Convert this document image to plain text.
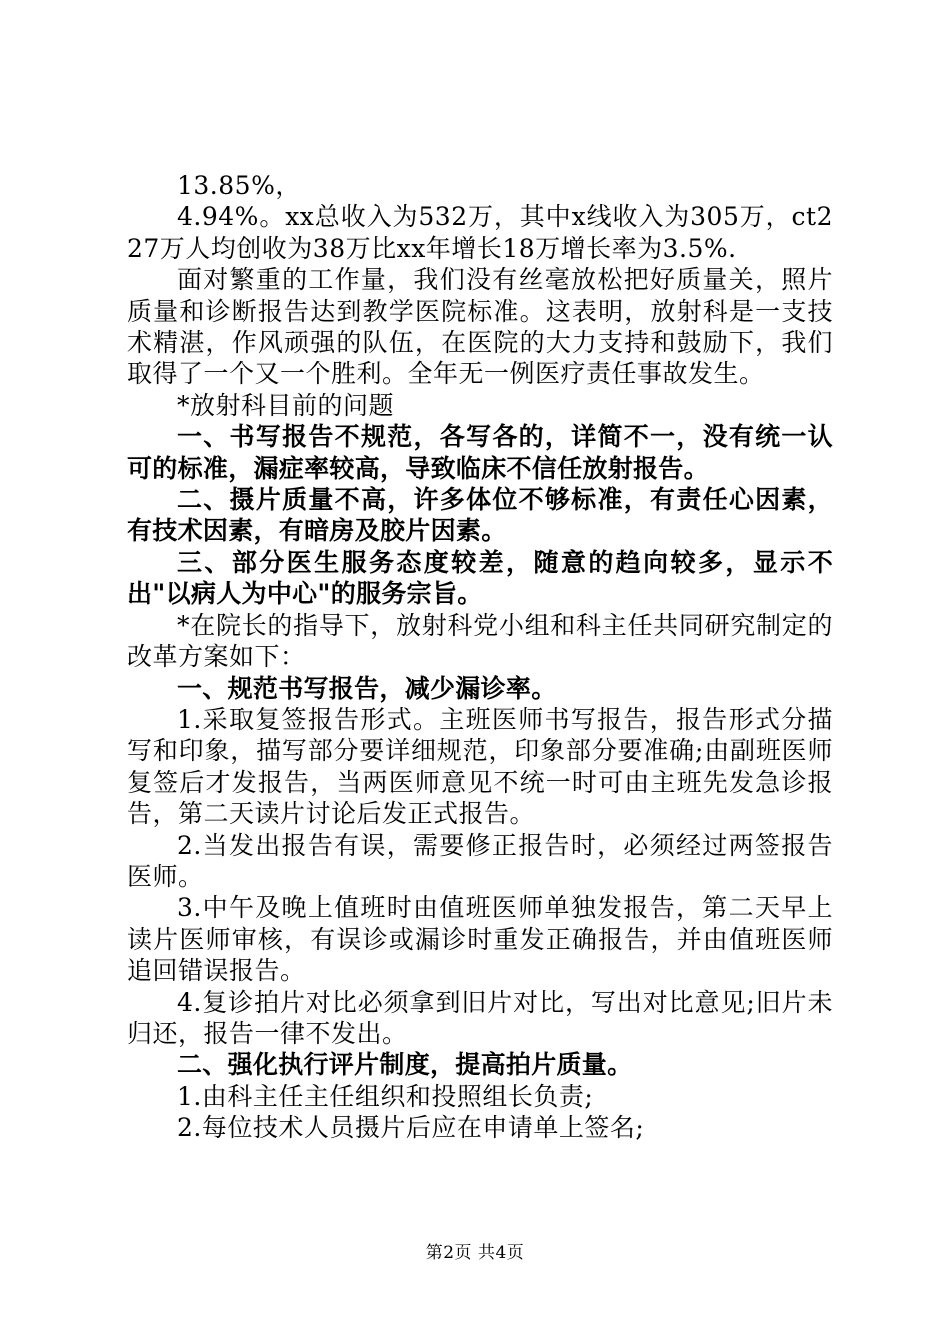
13.85%，

4.94%。xx总收入为532万，其中x线收入为305万，ct227万人均创收为38万比xx年增长18万增长率为3.5%.

面对繁重的工作量，我们没有丝毫放松把好质量关，照片质量和诊断报告达到教学医院标准。这表明，放射科是一支技术精湛，作风顽强的队伍，在医院的大力支持和鼓励下，我们取得了一个又一个胜利。全年无一例医疗责任事故发生。

*放射科目前的问题

一、书写报告不规范，各写各的，详简不一，没有统一认可的标准，漏症率较高，导致临床不信任放射报告。

二、摄片质量不高，许多体位不够标准，有责任心因素，有技术因素，有暗房及胶片因素。

三、部分医生服务态度较差，随意的趋向较多，显示不出"以病人为中心"的服务宗旨。

*在院长的指导下，放射科党小组和科主任共同研究制定的改革方案如下：

一、规范书写报告，减少漏诊率。

1.采取复签报告形式。主班医师书写报告，报告形式分描写和印象，描写部分要详细规范，印象部分要准确;由副班医师复签后才发报告，当两医师意见不统一时可由主班先发急诊报告，第二天读片讨论后发正式报告。

2.当发出报告有误，需要修正报告时，必须经过两签报告医师。

3.中午及晚上值班时由值班医师单独发报告，第二天早上读片医师审核，有误诊或漏诊时重发正确报告，并由值班医师追回错误报告。

4.复诊拍片对比必须拿到旧片对比，写出对比意见;旧片未归还，报告一律不发出。

二、强化执行评片制度，提高拍片质量。

1.由科主任主任组织和投照组长负责;

2.每位技术人员摄片后应在申请单上签名;

第2页 共4页
